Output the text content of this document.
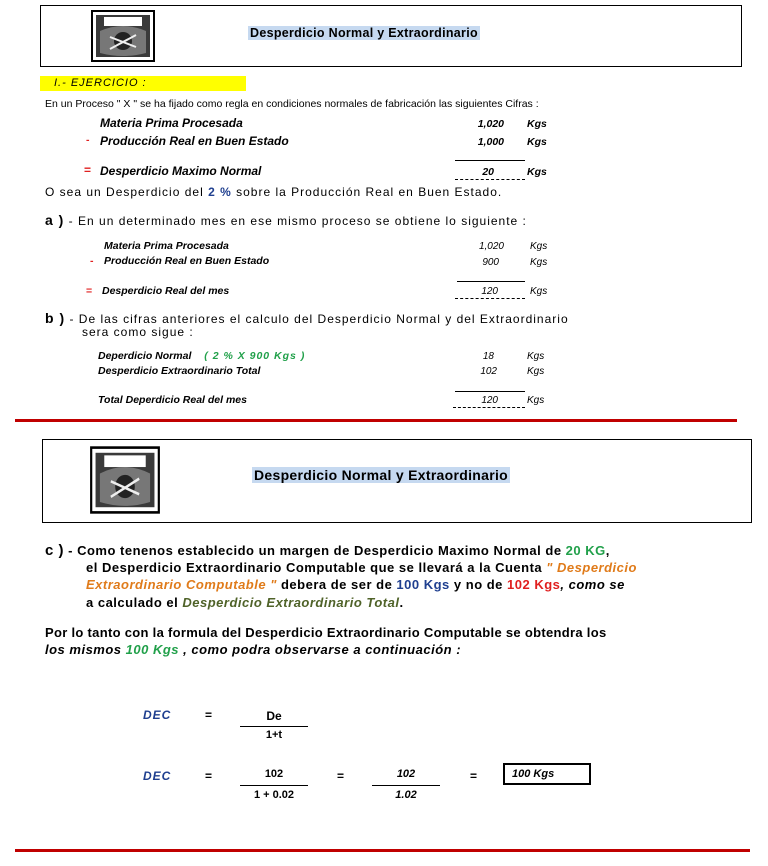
Desperdicio Normal y Extraordinario
I.- EJERCICIO :
En un Proceso " X " se ha fijado como regla en condiciones normales de fabricación las siguientes Cifras :
Materia Prima Procesada	1,020 Kgs
- Producción Real en Buen Estado	1,000 Kgs
= Desperdicio Maximo Normal	20	Kgs
O sea un Desperdicio del 2 % sobre la Producción Real en Buen Estado.
a ) - En un determinado mes en ese mismo proceso se obtiene lo siguiente :
Materia Prima Procesada	1,020	Kgs
- Producción Real en Buen Estado	900	Kgs
= Desperdicio Real del mes	120	Kgs
b ) - De las cifras anteriores el calculo del Desperdicio Normal y del Extraordinario
sera como sigue :
Deperdicio Normal ( 2 % X 900 Kgs )	18	Kgs
Desperdicio Extraordinario Total	102	Kgs
Total Deperdicio Real del mes	120	Kgs
Desperdicio Normal y Extraordinario
c ) - Como tenenos establecido un margen de Desperdicio Maximo Normal de 20 KG,
el Desperdicio Extraordinario Computable que se llevará a la Cuenta " Desperdicio
Extraordinario Computable " debera de ser de 100 Kgs y no de 102 Kgs, como se
a calculado el Desperdicio Extraordinario Total.
Por lo tanto con la formula del Desperdicio Extraordinario Computable se obtendra los
los mismos 100 Kgs , como podra observarse a continuación :
DEC	=	De
1+t
DEC	=	102
1 + 0.02
=	102
1.02
=	100 Kgs
